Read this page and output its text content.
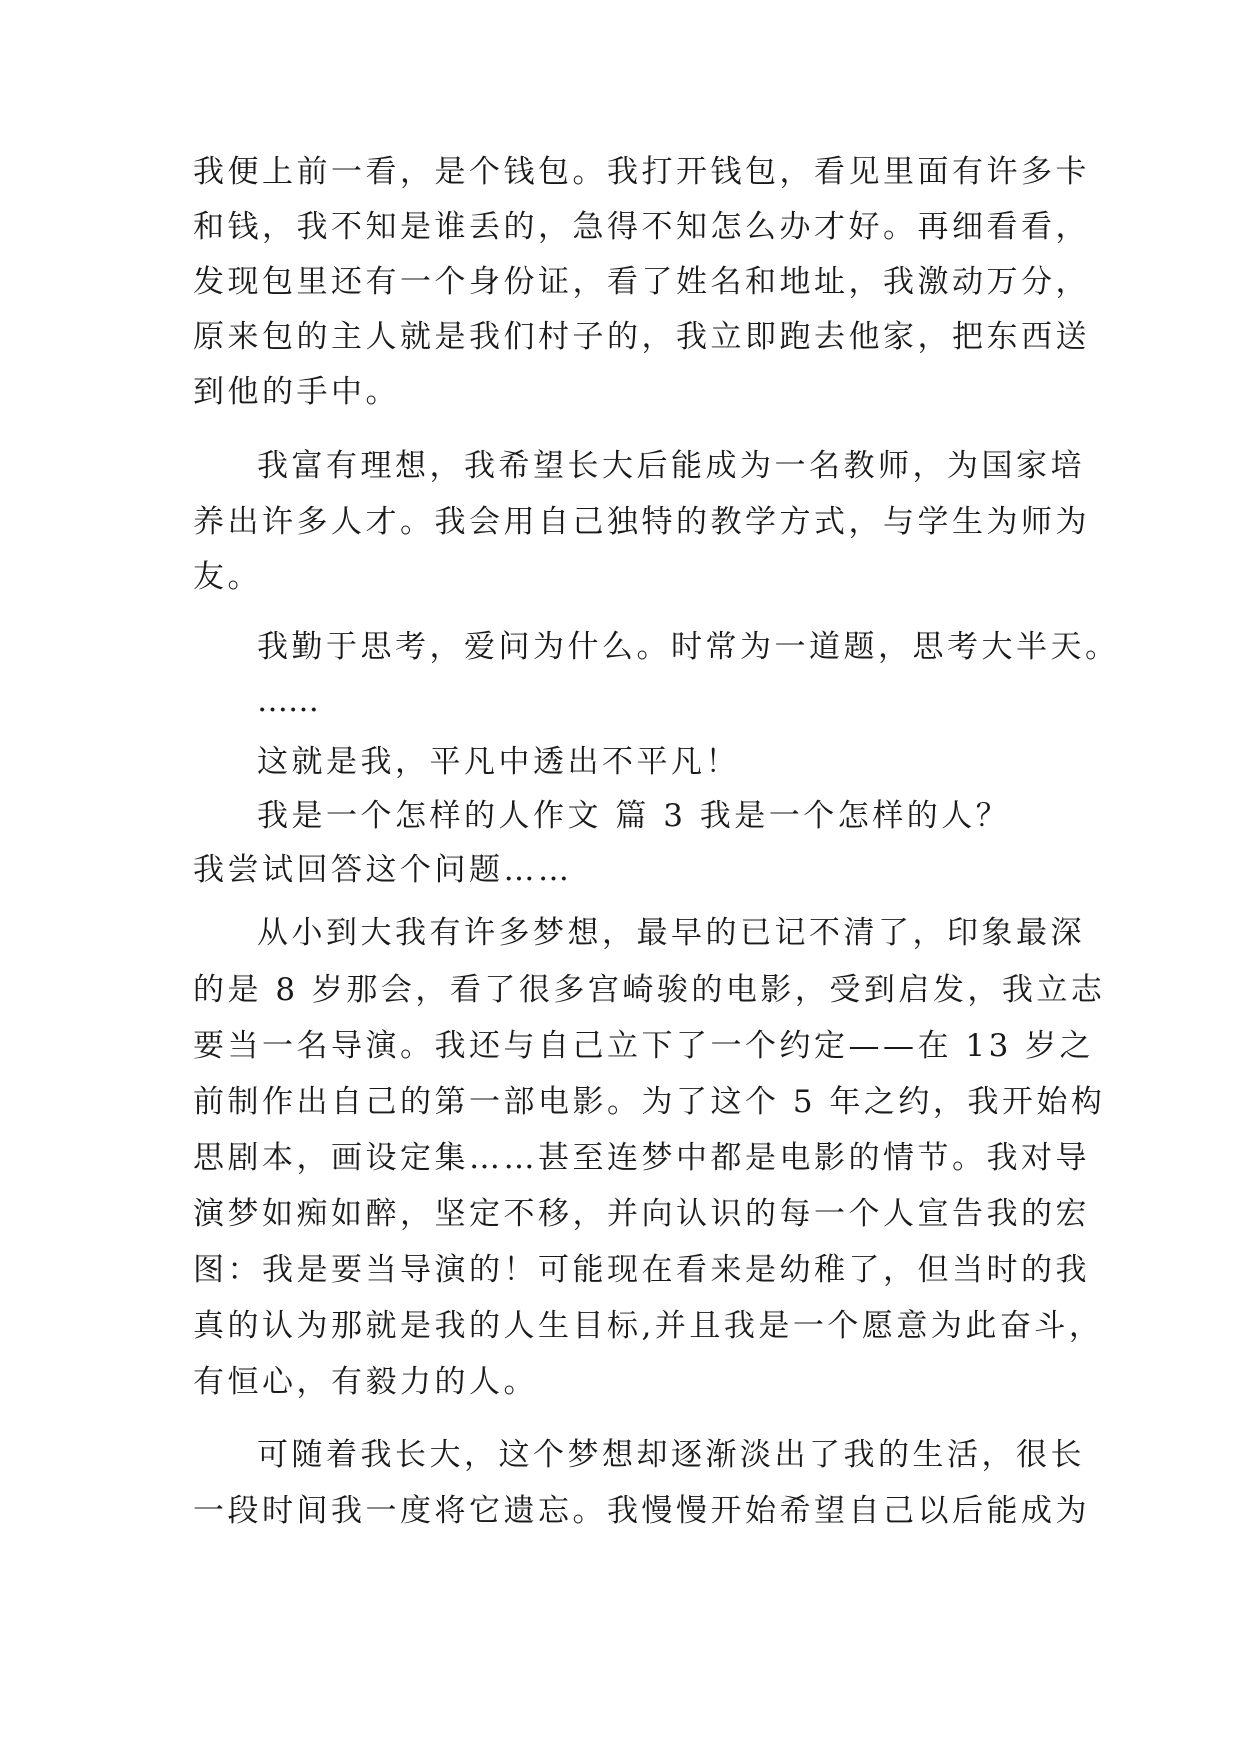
我便上前一看，是个钱包。我打开钱包，看见里面有许多卡
和钱，我不知是谁丢的，急得不知怎么办才好。再细看看，
发现包里还有一个身份证，看了姓名和地址，我激动万分，
原来包的主人就是我们村子的，我立即跑去他家，把东西送
到他的手中。
我富有理想，我希望长大后能成为一名教师，为国家培
养出许多人才。我会用自己独特的教学方式，与学生为师为
友。
我勤于思考，爱问为什么。时常为一道题，思考大半天。
……
这就是我，平凡中透出不平凡！
我是一个怎样的人作文 篇 3 我是一个怎样的人？
我尝试回答这个问题……
从小到大我有许多梦想，最早的已记不清了，印象最深
的是 8 岁那会，看了很多宫崎骏的电影，受到启发，我立志
要当一名导演。我还与自己立下了一个约定——在 13 岁之
前制作出自己的第一部电影。为了这个 5 年之约，我开始构
思剧本，画设定集……甚至连梦中都是电影的情节。我对导
演梦如痴如醉，坚定不移，并向认识的每一个人宣告我的宏
图：我是要当导演的！可能现在看来是幼稚了，但当时的我
真的认为那就是我的人生目标,并且我是一个愿意为此奋斗，
有恒心，有毅力的人。
可随着我长大，这个梦想却逐渐淡出了我的生活，很长
一段时间我一度将它遗忘。我慢慢开始希望自己以后能成为
